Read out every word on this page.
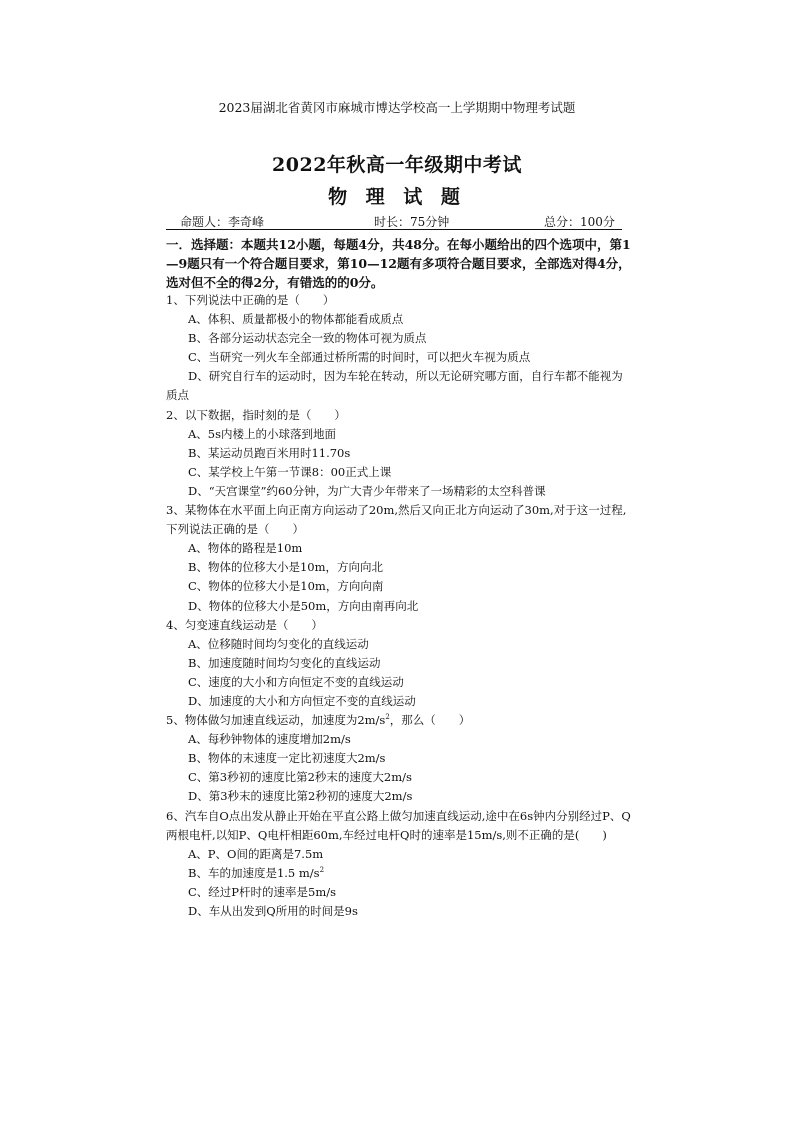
2023届湖北省黄冈市麻城市博达学校高一上学期期中物理考试题
2022年秋高一年级期中考试
物 理 试 题
命题人：李奇峰	时长：75分钟	总分：100分
一．选择题：本题共12小题，每题4分，共48分。在每小题给出的四个选项中，第1—9题只有一个符合题目要求，第10—12题有多项符合题目要求，全部选对得4分，选对但不全的得2分，有错选的的0分。

1、下列说法中正确的是（　　）

A、体积、质量都极小的物体都能看成质点

B、各部分运动状态完全一致的物体可视为质点

C、当研究一列火车全部通过桥所需的时间时，可以把火车视为质点

D、研究自行车的运动时，因为车轮在转动，所以无论研究哪方面，自行车都不能视为质点

2、以下数据，指时刻的是（　　）

A、5s内楼上的小球落到地面

B、某运动员跑百米用时11.70s

C、某学校上午第一节课8：00正式上课

D、“天宫课堂”约60分钟，为广大青少年带来了一场精彩的太空科普课

3、某物体在水平面上向正南方向运动了20m,然后又向正北方向运动了30m,对于这一过程,下列说法正确的是（　　）

A、物体的路程是10m

B、物体的位移大小是10m，方向向北

C、物体的位移大小是10m，方向向南

D、物体的位移大小是50m，方向由南再向北

4、匀变速直线运动是（　　）

A、位移随时间均匀变化的直线运动

B、加速度随时间均匀变化的直线运动

C、速度的大小和方向恒定不变的直线运动

D、加速度的大小和方向恒定不变的直线运动

5、物体做匀加速直线运动，加速度为$2m/s^2$，那么（　　）

A、每秒钟物体的速度增加2m/s

B、物体的末速度一定比初速度大2m/s

C、第3秒初的速度比第2秒末的速度大2m/s

D、第3秒末的速度比第2秒初的速度大2m/s

6、汽车自O点出发从静止开始在平直公路上做匀加速直线运动,途中在6s钟内分别经过P、Q两根电杆,以知P、Q电杆相距60m,车经过电杆Q时的速率是15m/s,则不正确的是(　　)

A、P、O间的距离是7.5m

B、车的加速度是1.5 $m/s^2$

C、经过P杆时的速率是5m/s

D、车从出发到Q所用的时间是9s
